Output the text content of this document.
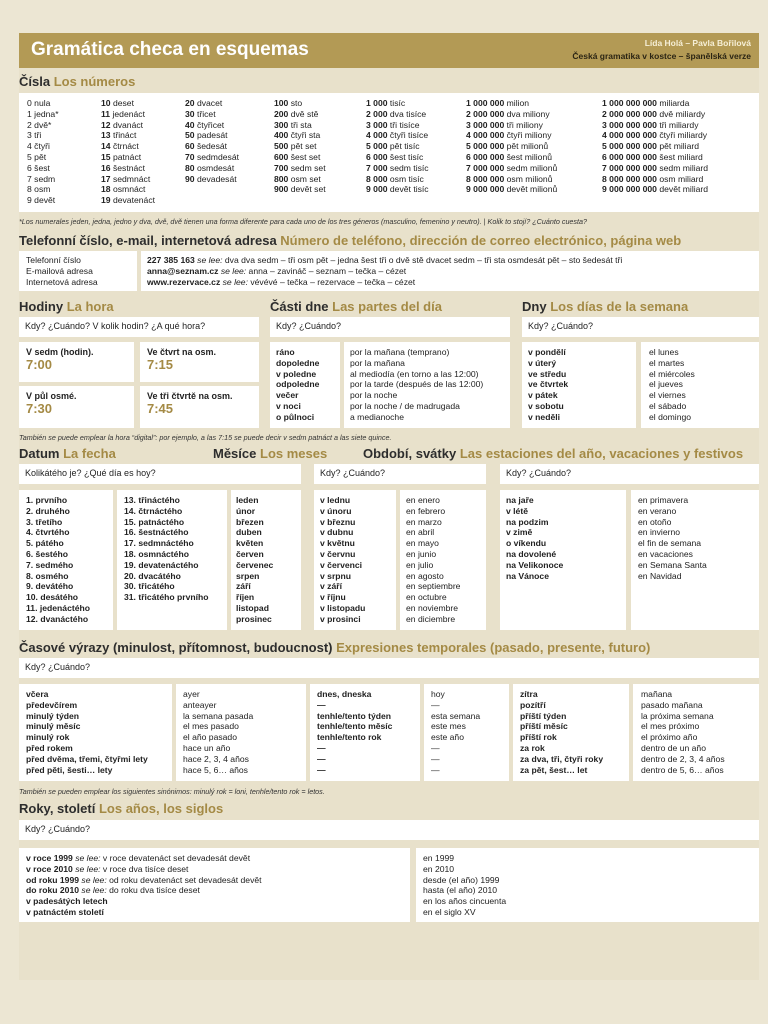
Gramática checa en esquemas	Lída Holá – Pavla Bořilová
Česká gramatika v kostce – španělská verze
Čísla Los números
0 nula
1 jedna*
2 dvě*
3 tři
4 čtyři
5 pět
6 šest
7 sedm
8 osm
9 devět
10 deset
11 jedenáct
12 dvanáct
13 třináct
14 čtrnáct
15 patnáct
16 šestnáct
17 sedmnáct
18 osmnáct
19 devatenáct
20 dvacet
30 třicet
40 čtyřicet
50 padesát
60 šedesát
70 sedmdesát
80 osmdesát
90 devadesát
100 sto
200 dvě stě
300 tři sta
400 čtyři sta
500 pět set
600 šest set
700 sedm set
800 osm set
900 devět set
1 000 tisíc
2 000 dva tisíce
3 000 tři tisíce
4 000 čtyři tisíce
5 000 pět tisíc
6 000 šest tisíc
7 000 sedm tisíc
8 000 osm tisíc
9 000 devět tisíc
1 000 000 milion
2 000 000 dva miliony
3 000 000 tři miliony
4 000 000 čtyři miliony
5 000 000 pět milionů
6 000 000 šest milionů
7 000 000 sedm milionů
8 000 000 osm milionů
9 000 000 devět milionů
1 000 000 000 miliarda
2 000 000 000 dvě miliardy
3 000 000 000 tři miliardy
4 000 000 000 čtyři miliardy
5 000 000 000 pět miliard
6 000 000 000 šest miliard
7 000 000 000 sedm miliard
8 000 000 000 osm miliard
9 000 000 000 devět miliard
*Los numerales jeden, jedna, jedno y dva, dvě, dvě tienen una forma diferente para cada uno de los tres géneros (masculino, femenino y neutro). | Kolik to stojí? ¿Cuánto cuesta?
Telefonní číslo, e-mail, internetová adresa Número de teléfono, dirección de correo electrónico, página web
Telefonní číslo
E-mailová adresa
Internetová adresa
227 385 163 se lee: dva dva sedm – tři osm pět – jedna šest tři o dvě stě dvacet sedm – tři sta osmdesát pět – sto šedesát tři
anna@seznam.cz se lee: anna – zavináč – seznam – tečka – cézet
www.rezervace.cz se lee: vévévé – tečka – rezervace – tečka – cézet
Hodiny La hora
Kdy? ¿Cuándo? V kolik hodin? ¿A qué hora?
V sedm (hodin).
7:00
Ve čtvrt na osm.
7:15
V půl osmé.
7:30
Ve tři čtvrtě na osm.
7:45
También se puede emplear la hora “digital”: por ejemplo, a las 7:15 se puede decir v sedm patnáct a las siete quince.
Části dne Las partes del día
Kdy? ¿Cuándo?
ráno
dopoledne
v poledne
odpoledne
večer
v noci
o půlnoci
por la mañana (temprano)
por la mañana
al mediodía (en torno a las 12:00)
por la tarde (después de las 12:00)
por la noche
por la noche / de madrugada
a medianoche
Dny Los días de la semana
Kdy? ¿Cuándo?
v pondělí
v úterý
ve středu
ve čtvrtek
v pátek
v sobotu
v neděli
el lunes
el martes
el miércoles
el jueves
el viernes
el sábado
el domingo
Datum La fecha
Kolikátého je? ¿Qué día es hoy?
1. prvního
2. druhého
3. třetího
4. čtvrtého
5. pátého
6. šestého
7. sedmého
8. osmého
9. devátého
10. desátého
11. jedenáctého
12. dvanáctého
13. třináctého
14. čtrnáctého
15. patnáctého
16. šestnáctého
17. sedmnáctého
18. osmnáctého
19. devatenáctého
20. dvacátého
30. třicátého
31. třicátého prvního
Měsíce Los meses
leden
únor
březen
duben
květen
červen
červenec
srpen
září
říjen
listopad
prosinec
Kdy? ¿Cuándo?
v lednu
v únoru
v březnu
v dubnu
v květnu
v červnu
v červenci
v srpnu
v září
v říjnu
v listopadu
v prosinci
en enero
en febrero
en marzo
en abril
en mayo
en junio
en julio
en agosto
en septiembre
en octubre
en noviembre
en diciembre
Období, svátky Las estaciones del año, vacaciones y festivos
Kdy? ¿Cuándo?
na jaře
v létě
na podzim
v zimě
o víkendu
na dovolené
na Velikonoce
na Vánoce
en primavera
en verano
en otoño
en invierno
el fin de semana
en vacaciones
en Semana Santa
en Navidad
Časové výrazy (minulost, přítomnost, budoucnost) Expresiones temporales (pasado, presente, futuro)
Kdy? ¿Cuándo?
včera
předevčírem
minulý týden
minulý měsíc
minulý rok
před rokem
před dvěma, třemi, čtyřmi lety
před pěti, šesti… lety
ayer
anteayer
la semana pasada
el mes pasado
el año pasado
hace un año
hace 2, 3, 4 años
hace 5, 6… años
dnes, dneska
—
tenhle/tento týden
tenhle/tento měsíc
tenhle/tento rok
—
—
—
hoy
—
esta semana
este mes
este año
—
—
—
zítra
pozítří
příští týden
příští měsíc
příští rok
za rok
za dva, tři, čtyři roky
za pět, šest… let
mañana
pasado mañana
la próxima semana
el mes próximo
el próximo año
dentro de un año
dentro de 2, 3, 4 años
dentro de 5, 6… años
También se pueden emplear los siguientes sinónimos: minulý rok = loni, tenhle/tento rok = letos.
Roky, století Los años, los siglos
Kdy? ¿Cuándo?
v roce 1999 se lee: v roce devatenáct set devadesát devět
v roce 2010 se lee: v roce dva tisíce deset
od roku 1999 se lee: od roku devatenáct set devadesát devět
do roku 2010 se lee: do roku dva tisíce deset
v padesátých letech
v patnáctém století
en 1999
en 2010
desde (el año) 1999
hasta (el año) 2010
en los años cincuenta
en el siglo XV
